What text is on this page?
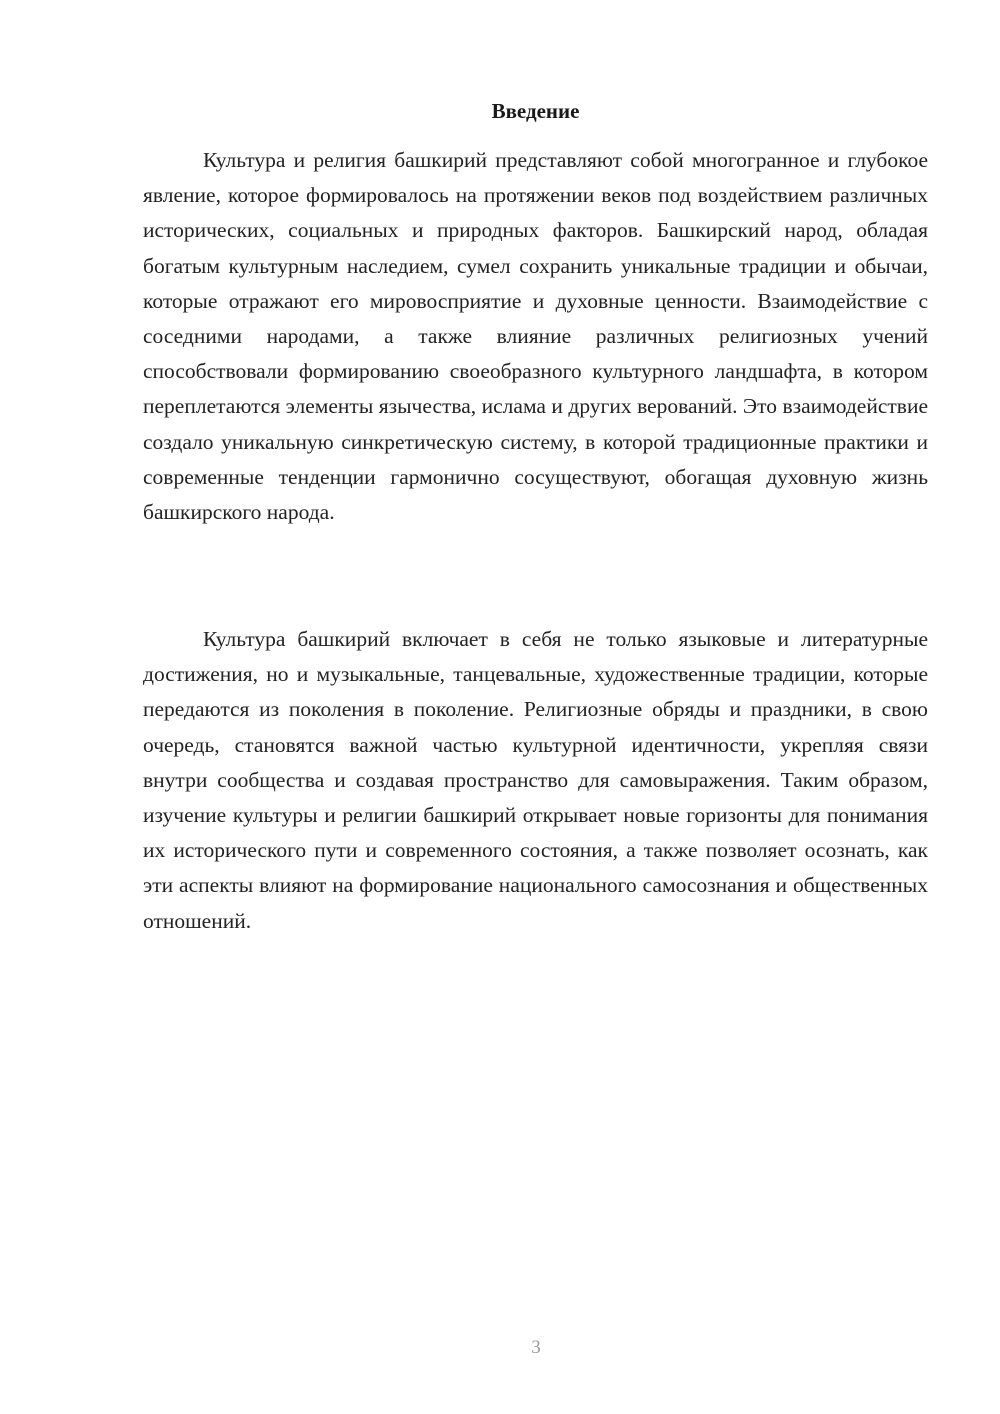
Введение

Культура и религия башкирий представляют собой многогранное и глубокое явление, которое формировалось на протяжении веков под воздействием различных исторических, социальных и природных факторов. Башкирский народ, обладая богатым культурным наследием, сумел сохранить уникальные традиции и обычаи, которые отражают его мировосприятие и духовные ценности. Взаимодействие с соседними народами, а также влияние различных религиозных учений способствовали формированию своеобразного культурного ландшафта, в котором переплетаются элементы язычества, ислама и других верований. Это взаимодействие создало уникальную синкретическую систему, в которой традиционные практики и современные тенденции гармонично сосуществуют, обогащая духовную жизнь башкирского народа.

Культура башкирий включает в себя не только языковые и литературные достижения, но и музыкальные, танцевальные, художественные традиции, которые передаются из поколения в поколение. Религиозные обряды и праздники, в свою очередь, становятся важной частью культурной идентичности, укрепляя связи внутри сообщества и создавая пространство для самовыражения. Таким образом, изучение культуры и религии башкирий открывает новые горизонты для понимания их исторического пути и современного состояния, а также позволяет осознать, как эти аспекты влияют на формирование национального самосознания и общественных отношений.

3
